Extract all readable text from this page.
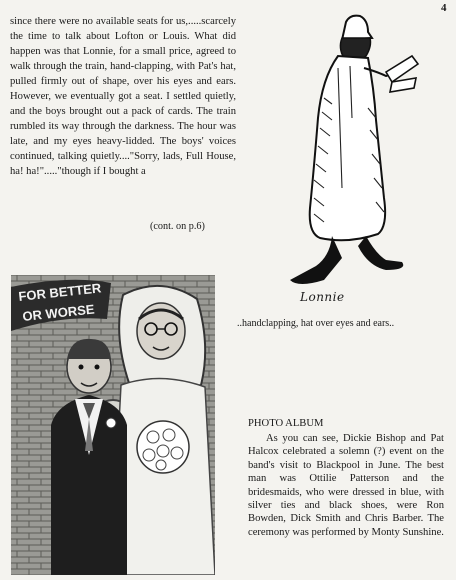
4

since there were no available seats for us,.....scarcely the time to talk about Lofton or Louis. What did happen was that Lonnie, for a small price, agreed to walk through the train, hand-clapping, with Pat's hat, pulled firmly out of shape, over his eyes and ears. However, we eventually got a seat. I settled quietly, and the boys brought out a pack of cards. The train rumbled its way through the darkness. The hour was late, and my eyes heavy-lidded. The boys' voices continued, talking quietly...."Sorry, lads, Full House, ha! ha!"....."though if I bought a

(cont. on p.6)
Lonnie
..handclapping, hat over eyes and ears..
FOR BETTER
OR WORSE
PHOTO ALBUM

As you can see, Dickie Bishop and Pat Halcox celebrated a solemn (?) event on the band's visit to Blackpool in June. The best man was Ottilie Patterson and the bridesmaids, who were dressed in blue, with silver ties and black shoes, were Ron Bowden, Dick Smith and Chris Barber. The ceremony was performed by Monty Sunshine.
